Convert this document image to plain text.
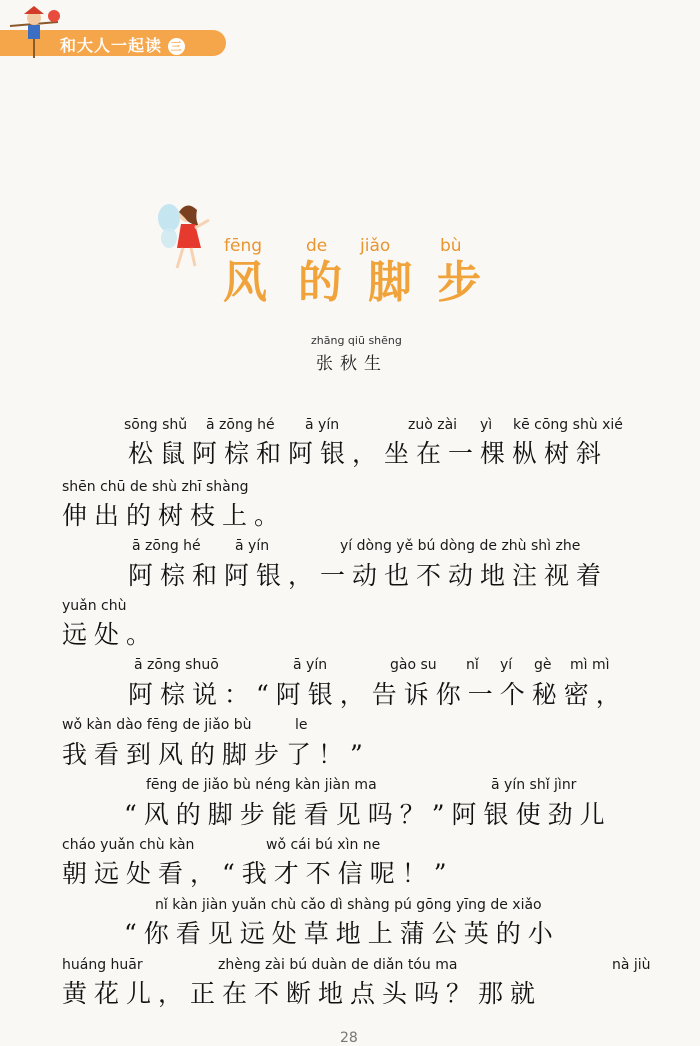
和大人一起读 三
fēng	de jiǎo	bù
风 的 脚 步
zhāng qiū shēng
张秋生
sōng shǔ ā zōng hé ā yín	zuò zài yì kē cōng shù xié
松鼠阿棕和阿银，坐在一棵枞树斜
shēn chū de shù zhī shàng
伸出的树枝上。
ā zōng hé ā yín	yí dòng yě bú dòng de zhù shì zhe
阿棕和阿银，一动也不动地注视着
yuǎn chù
远处。
ā zōng shuō	ā yín	gào su nǐ yí gè mì mì
阿棕说：“阿银，告诉你一个秘密，
wǒ kàn dào fēng de jiǎo bù	le
我看到风的脚步了！”
fēng de jiǎo bù néng kàn jiàn ma	ā yín shǐ jìnr
“风的脚步能看见吗？”阿银使劲儿
cháo yuǎn chù kàn	wǒ cái bú xìn ne
朝远处看，“我才不信呢！”
nǐ kàn jiàn yuǎn chù cǎo dì shàng pú gōng yīng de xiǎo
“你看见远处草地上蒲公英的小
huáng huār	zhèng zài bú duàn de diǎn tóu ma	nà jiù
黄花儿，正在不断地点头吗？那就
28
